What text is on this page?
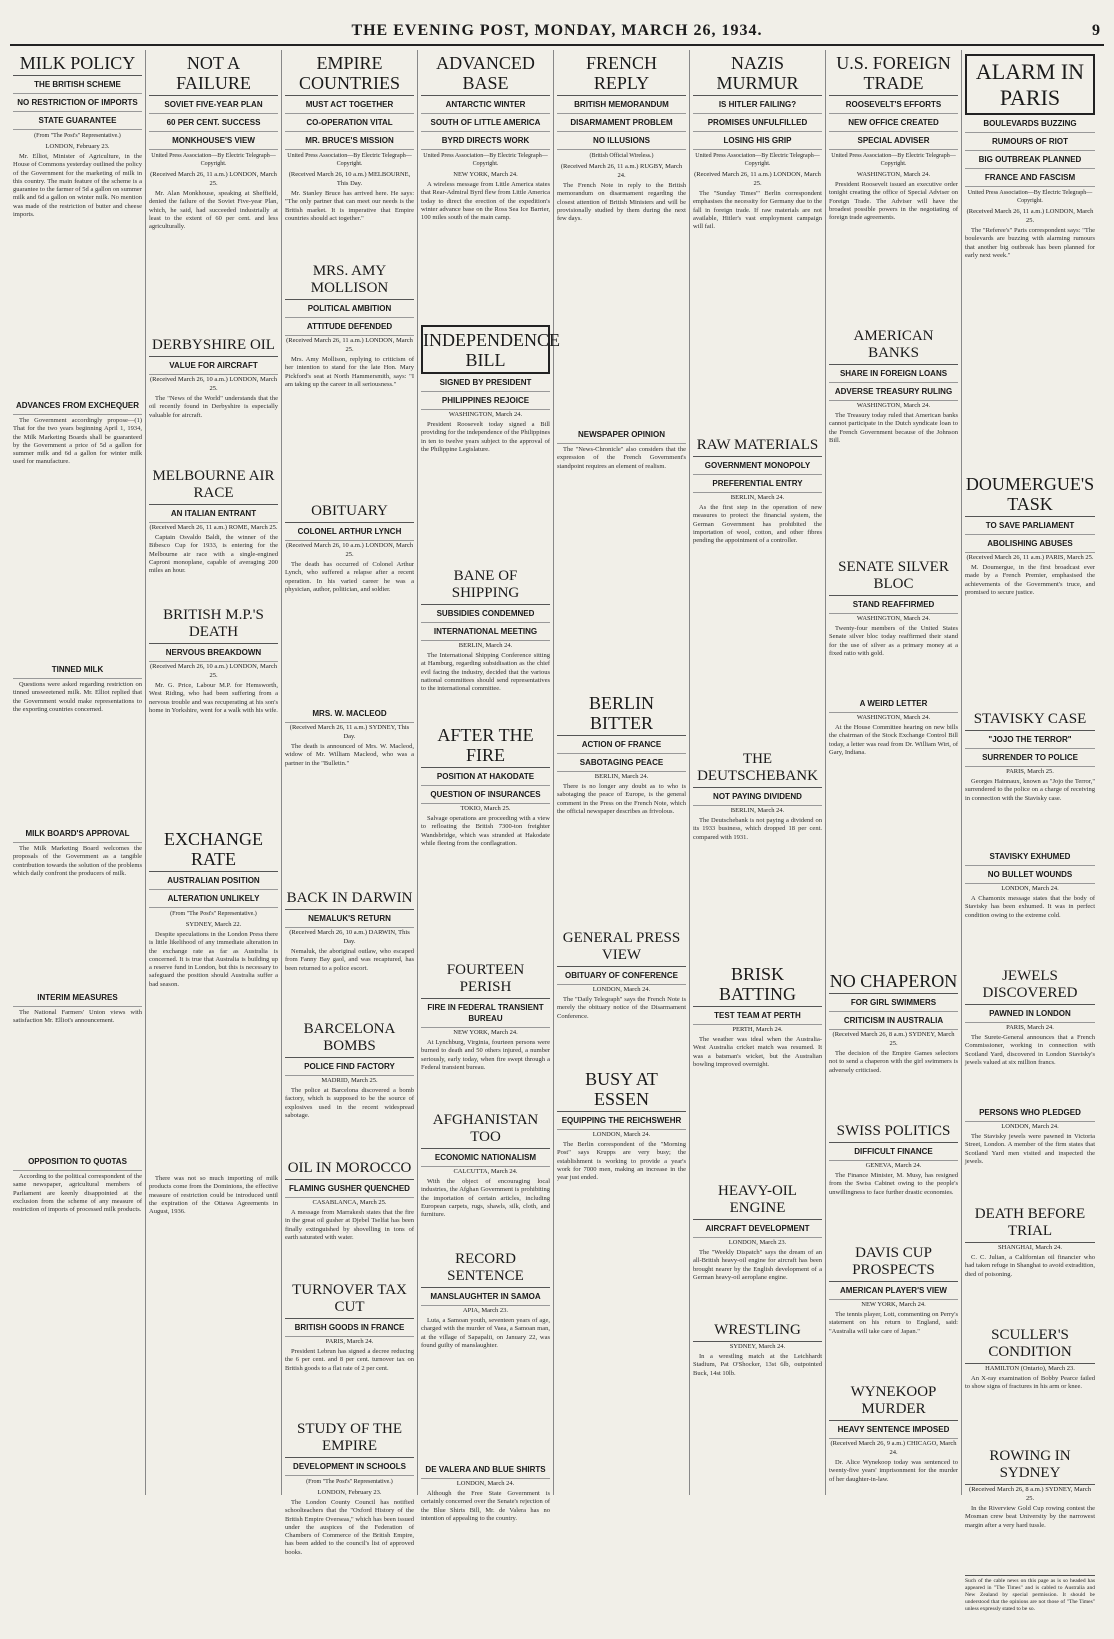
THE EVENING POST, MONDAY, MARCH 26, 1934.	9
MILK POLICY
THE BRITISH SCHEME
NO RESTRICTION OF IMPORTS
STATE GUARANTEE
(From "The Post's" Representative.)
LONDON, February 23.
Mr. Elliot, Minister of Agriculture, in the House of Commons yesterday outlined the policy of the Government for the marketing of milk in this country. The main feature of the scheme is a guarantee to the farmer of 5d a gallon on summer milk and 6d a gallon on winter milk. No mention was made of the restriction of butter and cheese imports.
ADVANCES FROM EXCHEQUER
The Government accordingly propose—(1) That for the two years beginning April 1, 1934, the Milk Marketing Boards shall be guaranteed by the Government a price of 5d a gallon for summer milk and 6d a gallon for winter milk used for manufacture.
TINNED MILK
Questions were asked regarding restriction on tinned unsweetened milk. Mr. Elliot replied that the Government would make representations to the exporting countries concerned.
MILK BOARD'S APPROVAL
The Milk Marketing Board welcomes the proposals of the Government as a tangible contribution towards the solution of the problems which daily confront the producers of milk.
INTERIM MEASURES
The National Farmers' Union views with satisfaction Mr. Elliot's announcement.
OPPOSITION TO QUOTAS
According to the political correspondent of the same newspaper, agricultural members of Parliament are keenly disappointed at the exclusion from the scheme of any measure of restriction of imports of processed milk products.
NOT A FAILURE
SOVIET FIVE-YEAR PLAN
60 PER CENT. SUCCESS
MONKHOUSE'S VIEW
United Press Association—By Electric Telegraph—Copyright.
(Received March 26, 11 a.m.) LONDON, March 25.
Mr. Alan Monkhouse, speaking at Sheffield, denied the failure of the Soviet Five-year Plan, which, he said, had succeeded industrially at least to the extent of 60 per cent. and less agriculturally.
DERBYSHIRE OIL
VALUE FOR AIRCRAFT
(Received March 26, 10 a.m.) LONDON, March 25.
The "News of the World" understands that the oil recently found in Derbyshire is especially valuable for aircraft.
MELBOURNE AIR RACE
AN ITALIAN ENTRANT
(Received March 26, 11 a.m.) ROME, March 25.
Captain Osvaldo Baldi, the winner of the Bibesco Cup for 1933, is entering for the Melbourne air race with a single-engined Caproni monoplane, capable of averaging 200 miles an hour.
BRITISH M.P.'S DEATH
NERVOUS BREAKDOWN
(Received March 26, 10 a.m.) LONDON, March 25.
Mr. G. Price, Labour M.P. for Hemsworth, West Riding, who had been suffering from a nervous trouble and was recuperating at his son's home in Yorkshire, went for a walk with his wife.
EXCHANGE RATE
AUSTRALIAN POSITION
ALTERATION UNLIKELY
(From "The Post's" Representative.)
SYDNEY, March 22.
Despite speculations in the London Press there is little likelihood of any immediate alteration in the exchange rate as far as Australia is concerned. It is true that Australia is building up a reserve fund in London, but this is necessary to safeguard the position should Australia suffer a bad season.
There was not so much importing of milk products come from the Dominions, the effective measure of restriction could be introduced until the expiration of the Ottawa Agreements in August, 1936.
EMPIRE COUNTRIES
MUST ACT TOGETHER
CO-OPERATION VITAL
MR. BRUCE'S MISSION
United Press Association—By Electric Telegraph—Copyright.
(Received March 26, 10 a.m.) MELBOURNE, This Day.
Mr. Stanley Bruce has arrived here. He says: "The only partner that can meet our needs is the British market. It is imperative that Empire countries should act together."
MRS. AMY MOLLISON
POLITICAL AMBITION
ATTITUDE DEFENDED
(Received March 26, 11 a.m.) LONDON, March 25.
Mrs. Amy Mollison, replying to criticism of her intention to stand for the late Hon. Mary Pickford's seat at North Hammersmith, says: "I am taking up the career in all seriousness."
OBITUARY
COLONEL ARTHUR LYNCH
(Received March 26, 10 a.m.) LONDON, March 25.
The death has occurred of Colonel Arthur Lynch, who suffered a relapse after a recent operation. In his varied career he was a physician, author, politician, and soldier.
MRS. W. MACLEOD
(Received March 26, 11 a.m.) SYDNEY, This Day.
The death is announced of Mrs. W. Macleod, widow of Mr. William Macleod, who was a partner in the "Bulletin."
BACK IN DARWIN
NEMALUK'S RETURN
(Received March 26, 10 a.m.) DARWIN, This Day.
Nemaluk, the aboriginal outlaw, who escaped from Fanny Bay gaol, and was recaptured, has been returned to a police escort.
BARCELONA BOMBS
POLICE FIND FACTORY
MADRID, March 25.
The police at Barcelona discovered a bomb factory, which is supposed to be the source of explosives used in the recent widespread sabotage.
OIL IN MOROCCO
FLAMING GUSHER QUENCHED
CASABLANCA, March 25.
A message from Marrakesh states that the fire in the great oil gusher at Djebel Tselfat has been finally extinguished by shovelling in tons of earth saturated with water.
TURNOVER TAX CUT
BRITISH GOODS IN FRANCE
PARIS, March 24.
President Lebrun has signed a decree reducing the 6 per cent. and 8 per cent. turnover tax on British goods to a flat rate of 2 per cent.
STUDY OF THE EMPIRE
DEVELOPMENT IN SCHOOLS
(From "The Post's" Representative.)
LONDON, February 23.
The London County Council has notified schoolteachers that the "Oxford History of the British Empire Overseas," which has been issued under the auspices of the Federation of Chambers of Commerce of the British Empire, has been added to the council's list of approved books.
ADVANCED BASE
ANTARCTIC WINTER
SOUTH OF LITTLE AMERICA
BYRD DIRECTS WORK
United Press Association—By Electric Telegraph—Copyright.
NEW YORK, March 24.
A wireless message from Little America states that Rear-Admiral Byrd flew from Little America today to direct the erection of the expedition's winter advance base on the Ross Sea Ice Barrier, 100 miles south of the main camp.
INDEPENDENCE BILL
SIGNED BY PRESIDENT
PHILIPPINES REJOICE
WASHINGTON, March 24.
President Roosevelt today signed a Bill providing for the independence of the Philippines in ten to twelve years subject to the approval of the Philippine Legislature.
BANE OF SHIPPING
SUBSIDIES CONDEMNED
INTERNATIONAL MEETING
BERLIN, March 24.
The International Shipping Conference sitting at Hamburg, regarding subsidisation as the chief evil facing the industry, decided that the various national committees should send representatives to the international committee.
AFTER THE FIRE
POSITION AT HAKODATE
QUESTION OF INSURANCES
TOKIO, March 25.
Salvage operations are proceeding with a view to refloating the British 7300-ton freighter Wandsbridge, which was stranded at Hakodate while fleeing from the conflagration.
FOURTEEN PERISH
FIRE IN FEDERAL TRANSIENT BUREAU
NEW YORK, March 24.
At Lynchburg, Virginia, fourteen persons were burned to death and 50 others injured, a number seriously, early today, when fire swept through a Federal transient bureau.
AFGHANISTAN TOO
ECONOMIC NATIONALISM
CALCUTTA, March 24.
With the object of encouraging local industries, the Afghan Government is prohibiting the importation of certain articles, including European carpets, rugs, shawls, silk, cloth, and furniture.
RECORD SENTENCE
MANSLAUGHTER IN SAMOA
APIA, March 23.
Luta, a Samoan youth, seventeen years of age, charged with the murder of Vaea, a Samoan man, at the village of Sapapalii, on January 22, was found guilty of manslaughter.
DE VALERA AND BLUE SHIRTS
LONDON, March 24.
Although the Free State Government is certainly concerned over the Senate's rejection of the Blue Shirts Bill, Mr. de Valera has no intention of appealing to the country.
FRENCH REPLY
BRITISH MEMORANDUM
DISARMAMENT PROBLEM
NO ILLUSIONS
(British Official Wireless.)
(Received March 26, 11 a.m.) RUGBY, March 24.
The French Note in reply to the British memorandum on disarmament regarding the closest attention of British Ministers and will be provisionally studied by them during the next few days.
NEWSPAPER OPINION
The "News-Chronicle" also considers that the expression of the French Government's standpoint requires an element of realism.
BERLIN BITTER
ACTION OF FRANCE
SABOTAGING PEACE
BERLIN, March 24.
There is no longer any doubt as to who is sabotaging the peace of Europe, is the general comment in the Press on the French Note, which the official newspaper describes as frivolous.
GENERAL PRESS VIEW
OBITUARY OF CONFERENCE
LONDON, March 24.
The "Daily Telegraph" says the French Note is merely the obituary notice of the Disarmament Conference.
BUSY AT ESSEN
EQUIPPING THE REICHSWEHR
LONDON, March 24.
The Berlin correspondent of the "Morning Post" says Krupps are very busy; the establishment is working to provide a year's work for 7000 men, making an increase in the year just ended.
NAZIS MURMUR
IS HITLER FAILING?
PROMISES UNFULFILLED
LOSING HIS GRIP
United Press Association—By Electric Telegraph—Copyright.
(Received March 26, 11 a.m.) LONDON, March 25.
The "Sunday Times'" Berlin correspondent emphasises the necessity for Germany due to the fall in foreign trade. If raw materials are not available, Hitler's vast employment campaign will fail.
RAW MATERIALS
GOVERNMENT MONOPOLY
PREFERENTIAL ENTRY
BERLIN, March 24.
As the first step in the operation of new measures to protect the financial system, the German Government has prohibited the importation of wool, cotton, and other fibres pending the appointment of a controller.
THE DEUTSCHEBANK
NOT PAYING DIVIDEND
BERLIN, March 24.
The Deutschebank is not paying a dividend on its 1933 business, which dropped 18 per cent. compared with 1931.
BRISK BATTING
TEST TEAM AT PERTH
PERTH, March 24.
The weather was ideal when the Australia-West Australia cricket match was resumed. It was a batsman's wicket, but the Australian bowling improved overnight.
HEAVY-OIL ENGINE
AIRCRAFT DEVELOPMENT
LONDON, March 23.
The "Weekly Dispatch" says the dream of an all-British heavy-oil engine for aircraft has been brought nearer by the English development of a German heavy-oil aeroplane engine.
WRESTLING
SYDNEY, March 24.
In a wrestling match at the Leichhardt Stadium, Pat O'Shocker, 13st 6lb, outpointed Buck, 14st 10lb.
U.S. FOREIGN TRADE
ROOSEVELT'S EFFORTS
NEW OFFICE CREATED
SPECIAL ADVISER
United Press Association—By Electric Telegraph—Copyright.
WASHINGTON, March 24.
President Roosevelt issued an executive order tonight creating the office of Special Adviser on Foreign Trade. The Adviser will have the broadest possible powers in the negotiating of foreign trade agreements.
AMERICAN BANKS
SHARE IN FOREIGN LOANS
ADVERSE TREASURY RULING
WASHINGTON, March 24.
The Treasury today ruled that American banks cannot participate in the Dutch syndicate loan to the French Government because of the Johnson Bill.
SENATE SILVER BLOC
STAND REAFFIRMED
WASHINGTON, March 24.
Twenty-four members of the United States Senate silver bloc today reaffirmed their stand for the use of silver as a primary money at a fixed ratio with gold.
A WEIRD LETTER
WASHINGTON, March 24.
At the House Committee hearing on new bills the chairman of the Stock Exchange Control Bill today, a letter was read from Dr. William Wirt, of Gary, Indiana.
NO CHAPERON
FOR GIRL SWIMMERS
CRITICISM IN AUSTRALIA
(Received March 26, 8 a.m.) SYDNEY, March 25.
The decision of the Empire Games selectors not to send a chaperon with the girl swimmers is adversely criticised.
SWISS POLITICS
DIFFICULT FINANCE
GENEVA, March 24.
The Finance Minister, M. Musy, has resigned from the Swiss Cabinet owing to the people's unwillingness to face further drastic economies.
DAVIS CUP PROSPECTS
AMERICAN PLAYER'S VIEW
NEW YORK, March 24.
The tennis player, Lott, commenting on Perry's statement on his return to England, said: "Australia will take care of Japan."
WYNEKOOP MURDER
HEAVY SENTENCE IMPOSED
(Received March 26, 9 a.m.) CHICAGO, March 24.
Dr. Alice Wynekoop today was sentenced to twenty-five years' imprisonment for the murder of her daughter-in-law.
ALARM IN PARIS
BOULEVARDS BUZZING
RUMOURS OF RIOT
BIG OUTBREAK PLANNED
FRANCE AND FASCISM
United Press Association—By Electric Telegraph—Copyright.
(Received March 26, 11 a.m.) LONDON, March 25.
The "Referee's" Paris correspondent says: "The boulevards are buzzing with alarming rumours that another big outbreak has been planned for early next week."
DOUMERGUE'S TASK
TO SAVE PARLIAMENT
ABOLISHING ABUSES
(Received March 26, 11 a.m.) PARIS, March 25.
M. Doumergue, in the first broadcast ever made by a French Premier, emphasised the achievements of the Government's truce, and promised to secure justice.
STAVISKY CASE
"JOJO THE TERROR"
SURRENDER TO POLICE
PARIS, March 25.
Georges Hainnaux, known as "Jojo the Terror," surrendered to the police on a charge of receiving in connection with the Stavisky case.
STAVISKY EXHUMED
NO BULLET WOUNDS
LONDON, March 24.
A Chamonix message states that the body of Stavisky has been exhumed. It was in perfect condition owing to the extreme cold.
JEWELS DISCOVERED
PAWNED IN LONDON
PARIS, March 24.
The Surete-General announces that a French Commissioner, working in connection with Scotland Yard, discovered in London Stavisky's jewels valued at six million francs.
PERSONS WHO PLEDGED
LONDON, March 24.
The Stavisky jewels were pawned in Victoria Street, London. A member of the firm states that Scotland Yard men visited and inspected the jewels.
DEATH BEFORE TRIAL
SHANGHAI, March 24.
C. C. Julian, a Californian oil financier who had taken refuge in Shanghai to avoid extradition, died of poisoning.
SCULLER'S CONDITION
HAMILTON (Ontario), March 23.
An X-ray examination of Bobby Pearce failed to show signs of fractures in his arm or knee.
ROWING IN SYDNEY
(Received March 26, 8 a.m.) SYDNEY, March 25.
In the Riverview Gold Cup rowing contest the Mosman crew beat University by the narrowest margin after a very hard tussle.
Such of the cable news on this page as is so headed has appeared in "The Times" and is cabled to Australia and New Zealand by special permission. It should be understood that the opinions are not those of "The Times" unless expressly stated to be so.
